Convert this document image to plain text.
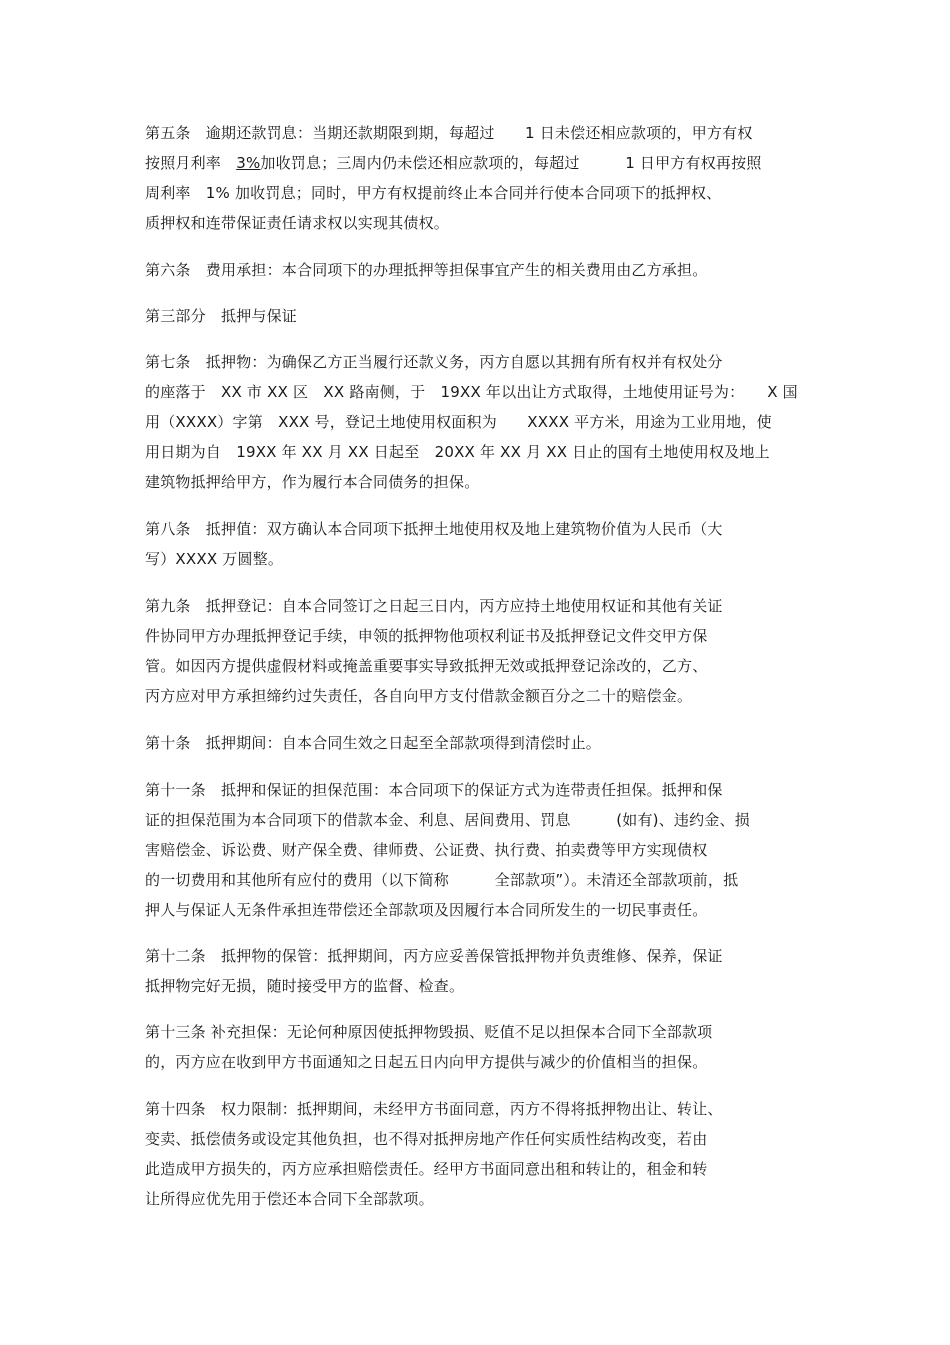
第五条　逾期还款罚息：当期还款期限到期，每超过　　1 日未偿还相应款项的，甲方有权
按照月利率　3%加收罚息；三周内仍未偿还相应款项的，每超过　　　1 日甲方有权再按照
周利率　1% 加收罚息；同时，甲方有权提前终止本合同并行使本合同项下的抵押权、
质押权和连带保证责任请求权以实现其债权。
第六条　费用承担：本合同项下的办理抵押等担保事宜产生的相关费用由乙方承担。
第三部分　抵押与保证
第七条　抵押物：为确保乙方正当履行还款义务，丙方自愿以其拥有所有权并有权处分
的座落于　XX 市 XX 区　XX 路南侧，于　19XX 年以出让方式取得，土地使用证号为：　　X 国
用（XXXX）字第　XXX 号，登记土地使用权面积为　　XXXX 平方米，用途为工业用地，使
用日期为自　19XX 年 XX 月 XX 日起至　20XX 年 XX 月 XX 日止的国有土地使用权及地上
建筑物抵押给甲方，作为履行本合同债务的担保。
第八条　抵押值：双方确认本合同项下抵押土地使用权及地上建筑物价值为人民币（大
写）XXXX 万圆整。
第九条　抵押登记：自本合同签订之日起三日内，丙方应持土地使用权证和其他有关证
件协同甲方办理抵押登记手续，申领的抵押物他项权利证书及抵押登记文件交甲方保
管。如因丙方提供虚假材料或掩盖重要事实导致抵押无效或抵押登记涂改的，乙方、
丙方应对甲方承担缔约过失责任，各自向甲方支付借款金额百分之二十的赔偿金。
第十条　抵押期间：自本合同生效之日起至全部款项得到清偿时止。
第十一条　抵押和保证的担保范围：本合同项下的保证方式为连带责任担保。抵押和保
证的担保范围为本合同项下的借款本金、利息、居间费用、罚息　　　(如有)、违约金、损
害赔偿金、诉讼费、财产保全费、律师费、公证费、执行费、拍卖费等甲方实现债权
的一切费用和其他所有应付的费用（以下简称　　　全部款项”）。未清还全部款项前，抵
押人与保证人无条件承担连带偿还全部款项及因履行本合同所发生的一切民事责任。
第十二条　抵押物的保管：抵押期间，丙方应妥善保管抵押物并负责维修、保养，保证
抵押物完好无损，随时接受甲方的监督、检查。
第十三条 补充担保：无论何种原因使抵押物毁损、贬值不足以担保本合同下全部款项
的，丙方应在收到甲方书面通知之日起五日内向甲方提供与减少的价值相当的担保。
第十四条　权力限制：抵押期间，未经甲方书面同意，丙方不得将抵押物出让、转让、
变卖、抵偿债务或设定其他负担，也不得对抵押房地产作任何实质性结构改变，若由
此造成甲方损失的，丙方应承担赔偿责任。经甲方书面同意出租和转让的，租金和转
让所得应优先用于偿还本合同下全部款项。
